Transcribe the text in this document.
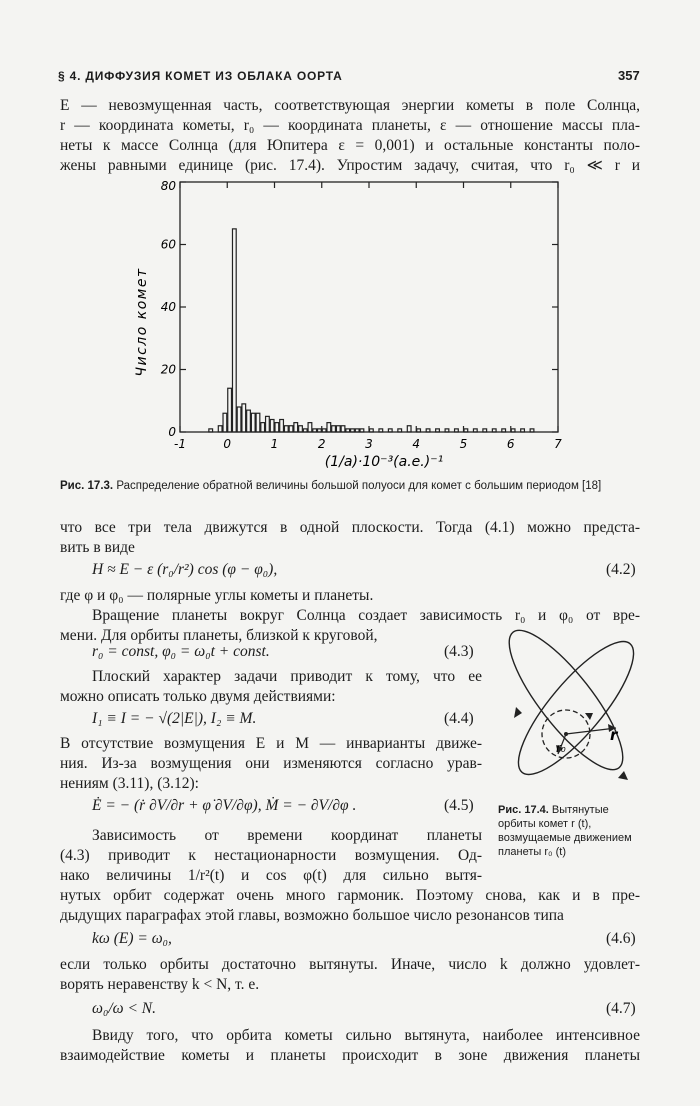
§ 4. ДИФФУЗИЯ КОМЕТ ИЗ ОБЛАКА ООРТА	357
E — невозмущенная часть, соответствующая энергии кометы в поле Солнца,
r — координата кометы, r₀ — координата планеты, ε — отношение массы пла-
неты к массе Солнца (для Юпитера ε = 0,001) и остальные константы поло-
жены равными единице (рис. 17.4). Упростим задачу, считая, что r₀ ≪ r и
0
20
40
60
80
-1	0	1	2	3	4	5	6	7
Число комет
(1/a)·10⁻³(а.е.)⁻¹
Рис. 17.3. Распределение обратной величины большой полуоси для комет с большим периодом [18]
что все три тела движутся в одной плоскости. Тогда (4.1) можно предста-
вить в виде
H ≈ E − ε (r₀/r²) cos (φ − φ₀),	(4.2)
где φ и φ₀ — полярные углы кометы и планеты.
Вращение планеты вокруг Солнца создает зависимость r₀ и φ₀ от вре-
мени. Для орбиты планеты, близкой к круговой,
r₀ = const, φ₀ = ω₀t + const.	(4.3)
Плоский характер задачи приводит к тому, что ее
можно описать только двумя действиями:
I₁ ≡ I = − √(2|E|), I₂ ≡ M.	(4.4)
В отсутствие возмущения E и M — инварианты движе-
ния. Из-за возмущения они изменяются согласно урав-
нениям (3.11), (3.12):
Ė = − (ṙ ∂V/∂r + φ̇ ∂V/∂φ), Ṁ = − ∂V/∂φ .	(4.5)
Зависимость от времени координат планеты
(4.3) приводит к нестационарности возмущения. Од-
нако величины 1/r²(t) и cos φ(t) для сильно вытя-
нутых орбит содержат очень много гармоник. Поэтому снова, как и в пре-
дыдущих параграфах этой главы, возможно большое число резонансов типа
kω (E) = ω₀,	(4.6)
если только орбиты достаточно вытянуты. Иначе, число k должно удовлет-
ворять неравенству k < N, т. е.
ω₀/ω < N.	(4.7)
Ввиду того, что орбита кометы сильно вытянута, наиболее интенсивное
взаимодействие кометы и планеты происходит в зоне движения планеты
r
r₀
Рис. 17.4. Вытянутые орбиты комет r (t), возмущаемые движением планеты r₀ (t)
